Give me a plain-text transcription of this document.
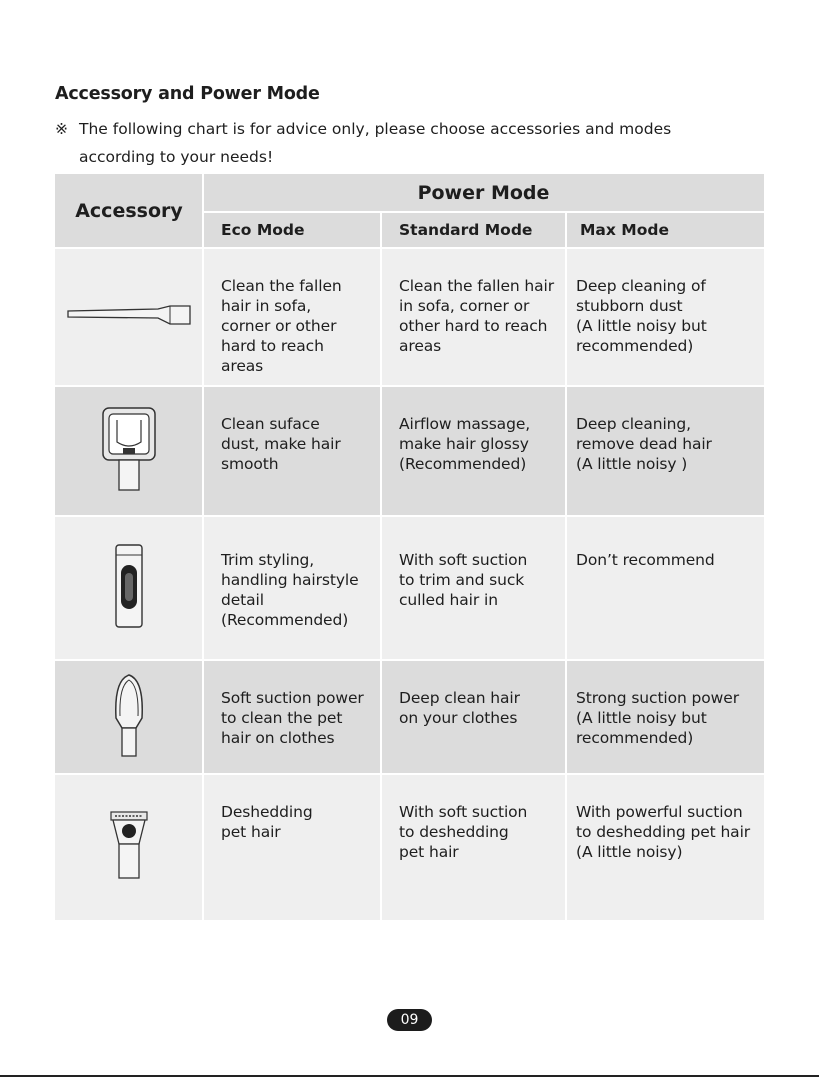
Accessory and Power Mode
※ The following chart is for advice only, please choose accessories and modes
according to your needs!
Accessory
Power Mode
Eco Mode	Standard Mode	Max Mode
Clean the fallen
hair in sofa,
corner or other
hard to reach
areas
Clean the fallen hair
in sofa, corner or
other hard to reach
areas
Deep cleaning of
stubborn dust
(A little noisy but
recommended)
Clean suface
dust, make hair
smooth
Airflow massage,
make hair glossy
(Recommended)
Deep cleaning,
remove dead hair
(A little noisy )
Trim styling,
handling hairstyle
detail
(Recommended)
With soft suction
to trim and suck
culled hair in
Don’t recommend
Soft suction power
to clean the pet
hair on clothes
Deep clean hair
on your clothes
Strong suction power
(A little noisy but
recommended)
Deshedding
pet hair
With soft suction
to deshedding
pet hair
With powerful suction
to deshedding pet hair
(A little noisy)
09
